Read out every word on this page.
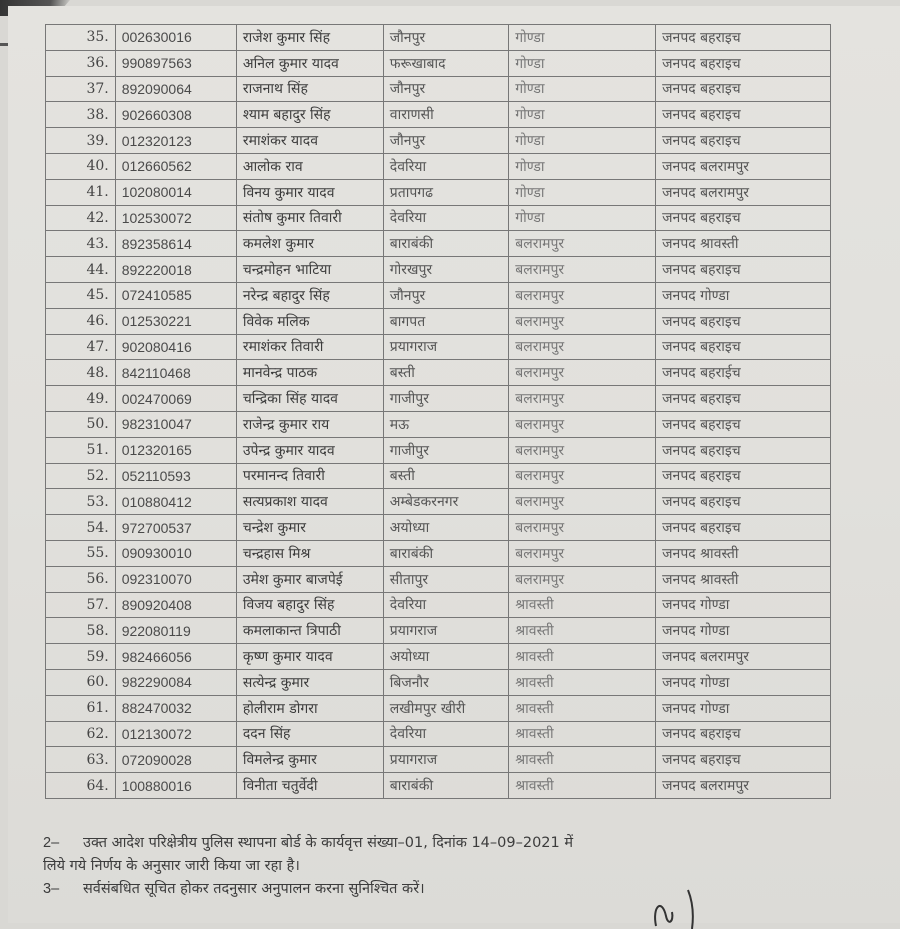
35.	002630016	राजेश कुमार सिंह	जौनपुर	गोण्डा	जनपद बहराइच
36.	990897563	अनिल कुमार यादव	फरूखाबाद	गोण्डा	जनपद बहराइच
37.	892090064	राजनाथ सिंह	जौनपुर	गोण्डा	जनपद बहराइच
38.	902660308	श्याम बहादुर सिंह	वाराणसी	गोण्डा	जनपद बहराइच
39.	012320123	रमाशंकर यादव	जौनपुर	गोण्डा	जनपद बहराइच
40.	012660562	आलोक राव	देवरिया	गोण्डा	जनपद बलरामपुर
41.	102080014	विनय कुमार यादव	प्रतापगढ	गोण्डा	जनपद बलरामपुर
42.	102530072	संतोष कुमार तिवारी	देवरिया	गोण्डा	जनपद बहराइच
43.	892358614	कमलेश कुमार	बाराबंकी	बलरामपुर	जनपद श्रावस्ती
44.	892220018	चन्द्रमोहन भाटिया	गोरखपुर	बलरामपुर	जनपद बहराइच
45.	072410585	नरेन्द्र बहादुर सिंह	जौनपुर	बलरामपुर	जनपद गोण्डा
46.	012530221	विवेक मलिक	बागपत	बलरामपुर	जनपद बहराइच
47.	902080416	रमाशंकर तिवारी	प्रयागराज	बलरामपुर	जनपद बहराइच
48.	842110468	मानवेन्द्र पाठक	बस्ती	बलरामपुर	जनपद बहराईच
49.	002470069	चन्द्रिका सिंह यादव	गाजीपुर	बलरामपुर	जनपद बहराइच
50.	982310047	राजेन्द्र कुमार राय	मऊ	बलरामपुर	जनपद बहराइच
51.	012320165	उपेन्द्र कुमार यादव	गाजीपुर	बलरामपुर	जनपद बहराइच
52.	052110593	परमानन्द तिवारी	बस्ती	बलरामपुर	जनपद बहराइच
53.	010880412	सत्यप्रकाश यादव	अम्बेडकरनगर	बलरामपुर	जनपद बहराइच
54.	972700537	चन्द्रेश कुमार	अयोध्या	बलरामपुर	जनपद बहराइच
55.	090930010	चन्द्रहास मिश्र	बाराबंकी	बलरामपुर	जनपद श्रावस्ती
56.	092310070	उमेश कुमार बाजपेई	सीतापुर	बलरामपुर	जनपद श्रावस्ती
57.	890920408	विजय बहादुर सिंह	देवरिया	श्रावस्ती	जनपद गोण्डा
58.	922080119	कमलाकान्त त्रिपाठी	प्रयागराज	श्रावस्ती	जनपद गोण्डा
59.	982466056	कृष्ण कुमार यादव	अयोध्या	श्रावस्ती	जनपद बलरामपुर
60.	982290084	सत्येन्द्र कुमार	बिजनौर	श्रावस्ती	जनपद गोण्डा
61.	882470032	होलीराम डोगरा	लखीमपुर खीरी	श्रावस्ती	जनपद गोण्डा
62.	012130072	ददन सिंह	देवरिया	श्रावस्ती	जनपद बहराइच
63.	072090028	विमलेन्द्र कुमार	प्रयागराज	श्रावस्ती	जनपद बहराइच
64.	100880016	विनीता चतुर्वेदी	बाराबंकी	श्रावस्ती	जनपद बलरामपुर
2– उक्त आदेश परिक्षेत्रीय पुलिस स्थापना बोर्ड के कार्यवृत्त संख्या–01, दिनांक 14–09–2021 में
लिये गये निर्णय के अनुसार जारी किया जा रहा है।
3– सर्वसंबधित सूचित होकर तदनुसार अनुपालन करना सुनिश्चित करें।
